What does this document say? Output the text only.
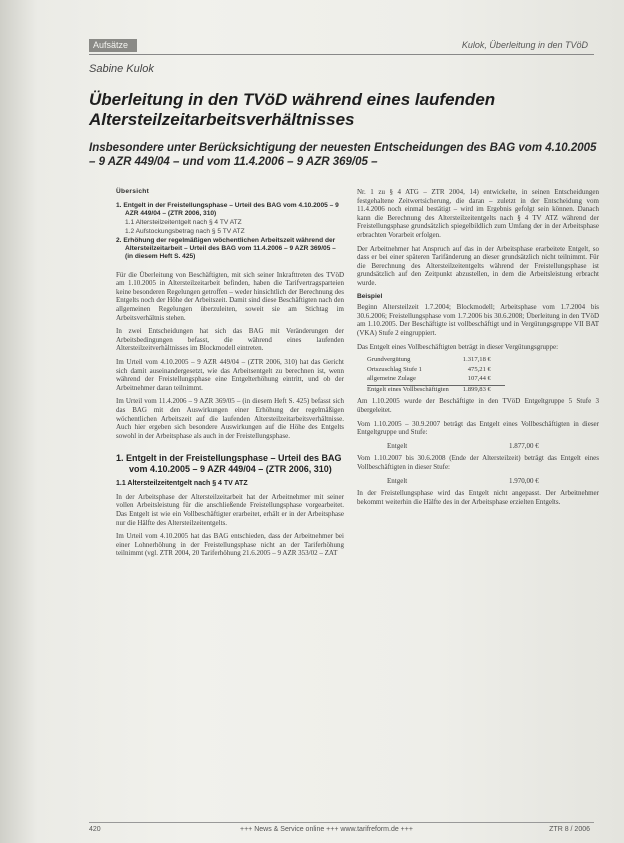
Aufsätze	Kulok, Überleitung in den TVöD
Sabine Kulok
Überleitung in den TVöD während eines laufenden Altersteilzeitarbeitsverhältnisses
Insbesondere unter Berücksichtigung der neuesten Entscheidungen des BAG vom 4.10.2005 – 9 AZR 449/04 – und vom 11.4.2006 – 9 AZR 369/05 –
Übersicht
1. Entgelt in der Freistellungsphase – Urteil des BAG vom 4.10.2005 – 9 AZR 449/04 – (ZTR 2006, 310)
1.1 Altersteilzeitentgelt nach § 4 TV ATZ
1.2 Aufstockungsbetrag nach § 5 TV ATZ
2. Erhöhung der regelmäßigen wöchentlichen Arbeitszeit während der Altersteilzeitarbeit – Urteil des BAG vom 11.4.2006 – 9 AZR 369/05 – (in diesem Heft S. 425)

Für die Überleitung von Beschäftigten, mit sich seiner Inkrafttreten des TVöD am 1.10.2005 in Altersteilzeitarbeit befinden, haben die Tarifvertragsparteien keine besonderen Regelungen getroffen – weder hinsichtlich der Berechnung des Entgelts noch der Höhe der Arbeitszeit. Damit sind diese Beschäftigten nach den allgemeinen Regelungen überzuleiten, soweit sie am Stichtag im Arbeitsverhältnis stehen.

In zwei Entscheidungen hat sich das BAG mit Veränderungen der Arbeitsbedingungen befasst, die während eines laufenden Altersteilzeitverhältnisses im Blockmodell eintreten.

Im Urteil vom 4.10.2005 – 9 AZR 449/04 – (ZTR 2006, 310) hat das Gericht sich damit auseinandergesetzt, wie das Arbeitsentgelt zu berechnen ist, wenn während der Freistellungsphase eine Entgelterhöhung eintritt, und ob der Arbeitnehmer daran teilnimmt.

Im Urteil vom 11.4.2006 – 9 AZR 369/05 – (in diesem Heft S. 425) befasst sich das BAG mit den Auswirkungen einer Erhöhung der regelmäßigen wöchentlichen Arbeitszeit auf die laufenden Altersteilzeitarbeitsverhältnisse. Auch hier ergeben sich besondere Auswirkungen auf die Höhe des Entgelts sowohl in der Arbeitsphase als auch in der Freistellungsphase.

1. Entgelt in der Freistellungsphase – Urteil des BAG vom 4.10.2005 – 9 AZR 449/04 – (ZTR 2006, 310)
1.1 Altersteilzeitentgelt nach § 4 TV ATZ

In der Arbeitsphase der Altersteilzeitarbeit hat der Arbeitnehmer mit seiner vollen Arbeitsleistung für die anschließende Freistellungsphase vorgearbeitet. Das Entgelt ist wie ein Vollbeschäftigter erarbeitet, erhält er in der Arbeitsphase nur die Hälfte des Altersteilzeitentgelts.

Im Urteil vom 4.10.2005 hat das BAG entschieden, dass der Arbeitnehmer bei einer Lohnerhöhung in der Freistellungsphase nicht an der Tariferhöhung teilnimmt (vgl. ZTR 2004, 20 Tariferhöhung 21.6.2005 – 9 AZR 353/02 – ZAT

Nr. 1 zu § 4 ATG – ZTR 2004, 14) entwickelte, in seinen Entscheidungen festgehaltene Zeitwertsicherung, die daran – zuletzt in der Entscheidung vom 11.4.2006 noch einmal bestätigt – wird im Ergebnis gefolgt sein können. Danach kann die Berechnung des Altersteilzeitentgelts nach § 4 TV ATZ während der Freistellungsphase grundsätzlich spiegelbildlich zum Umfang der in der Arbeitsphase erbrachten Vorarbeit erfolgen.

Der Arbeitnehmer hat Anspruch auf das in der Arbeitsphase erarbeitete Entgelt, so dass er bei einer späteren Tarifänderung an dieser grundsätzlich nicht teilnimmt. Für die Berechnung des Altersteilzeitentgelts während der Freistellungsphase ist grundsätzlich auf den Zeitpunkt abzustellen, in dem die Arbeitsleistung erbracht wurde.

Beispiel

Beginn Altersteilzeit 1.7.2004; Blockmodell; Arbeitsphase vom 1.7.2004 bis 30.6.2006; Freistellungsphase vom 1.7.2006 bis 30.6.2008; Überleitung in den TVöD am 1.10.2005. Der Beschäftigte ist vollbeschäftigt und in Vergütungsgruppe VII BAT (VKA) Stufe 2 eingruppiert.

Das Entgelt eines Vollbeschäftigten beträgt in dieser Vergütungsgruppe:

Grundvergütung	1.317,18 €
Ortszuschlag Stufe 1	475,21 €
allgemeine Zulage	107,44 €
Entgelt eines Vollbeschäftigten	1.899,83 €

Am 1.10.2005 wurde der Beschäftigte in den TVöD Entgeltgruppe 5 Stufe 3 übergeleitet.

Vom 1.10.2005 – 30.9.2007 beträgt das Entgelt eines Vollbeschäftigten in dieser Entgeltgruppe und Stufe:

Entgelt	1.877,00 €

Vom 1.10.2007 bis 30.6.2008 (Ende der Altersteilzeit) beträgt das Entgelt eines Vollbeschäftigten in dieser Stufe:

Entgelt	1.970,00 €

In der Freistellungsphase wird das Entgelt nicht angepasst. Der Arbeitnehmer bekommt weiterhin die Hälfte des in der Arbeitsphase erzielten Entgelts.

420	+++ News & Service online +++ www.tarifreform.de +++	ZTR 8 / 2006
